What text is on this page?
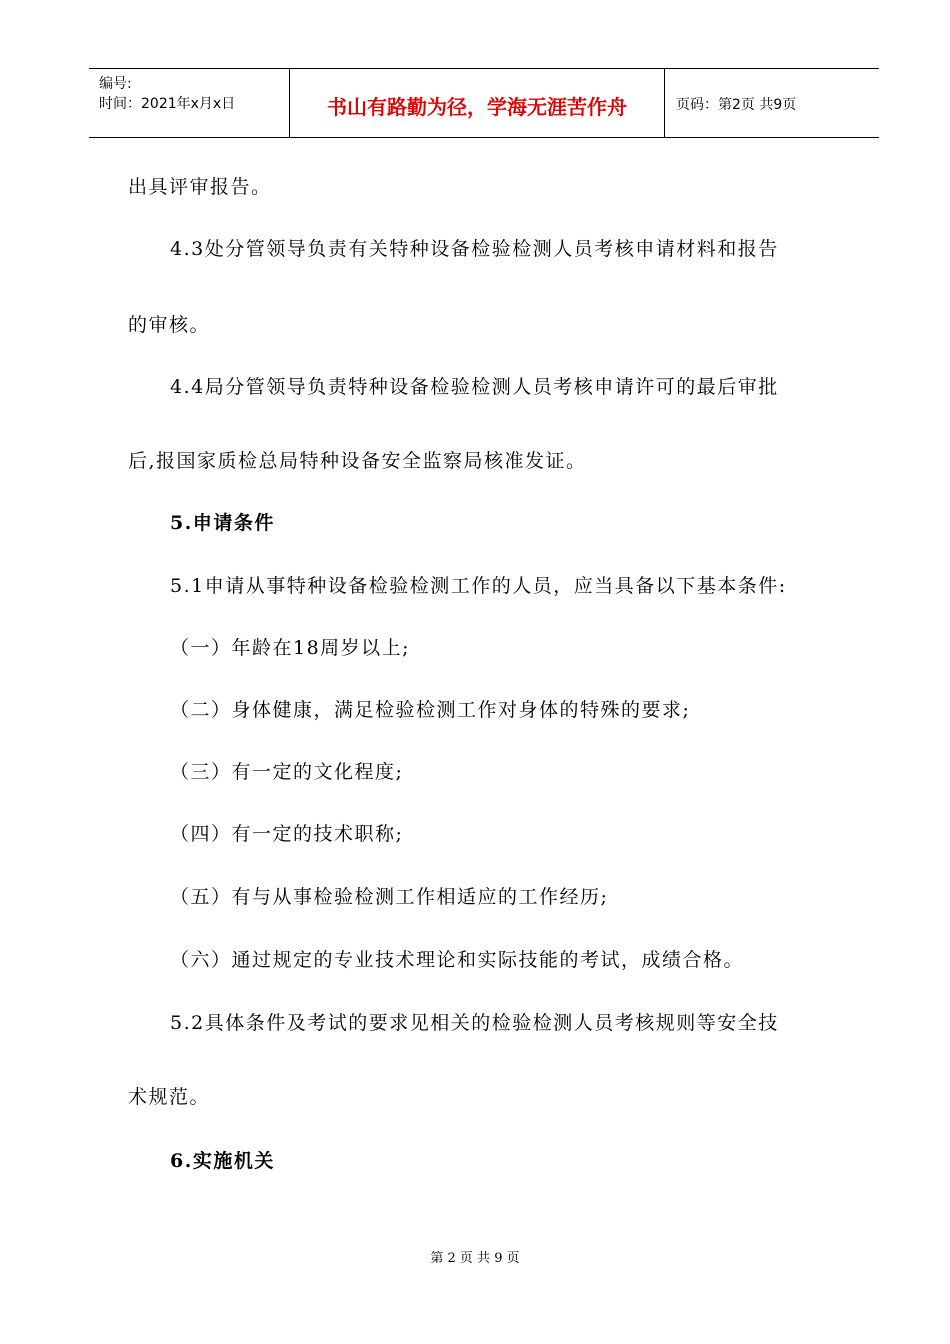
编号:
时间：2021年x月x日	书山有路勤为径，学海无涯苦作舟	页码：第2页 共9页
出具评审报告。
4.3处分管领导负责有关特种设备检验检测人员考核申请材料和报告
的审核。
4.4局分管领导负责特种设备检验检测人员考核申请许可的最后审批
后,报国家质检总局特种设备安全监察局核准发证。
5.申请条件
5.1申请从事特种设备检验检测工作的人员，应当具备以下基本条件:
（一）年龄在18周岁以上;
（二）身体健康，满足检验检测工作对身体的特殊的要求;
（三）有一定的文化程度;
（四）有一定的技术职称;
（五）有与从事检验检测工作相适应的工作经历;
（六）通过规定的专业技术理论和实际技能的考试，成绩合格。
5.2具体条件及考试的要求见相关的检验检测人员考核规则等安全技
术规范。
6.实施机关
第 2 页 共 9 页
